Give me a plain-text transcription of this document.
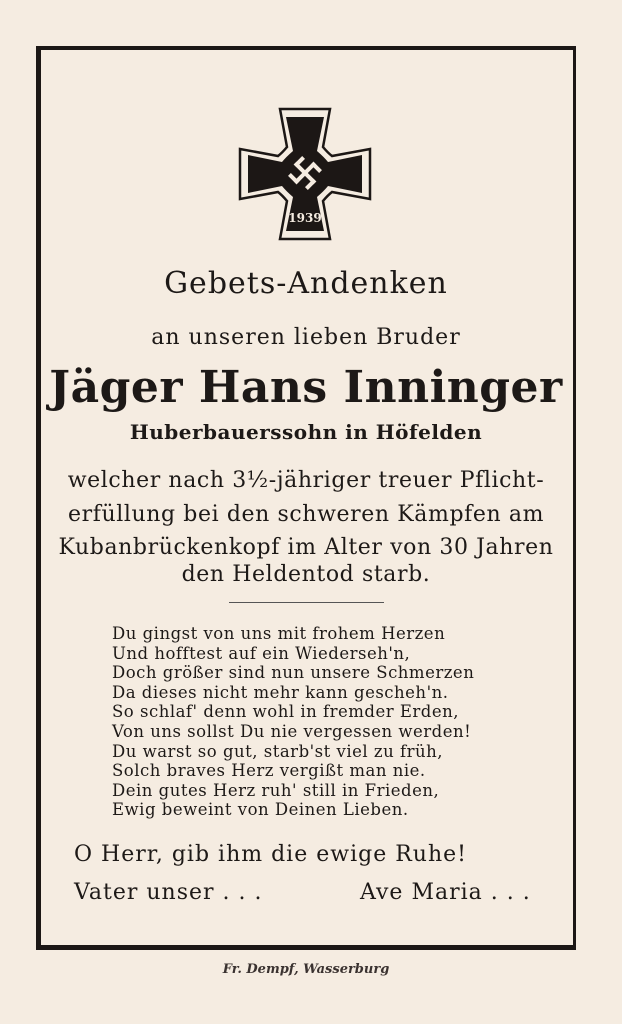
1939

Gebets-Andenken

an unseren lieben Bruder

Jäger Hans Inninger

Huberbauerssohn in Höfelden

welcher nach 3½-jähriger treuer Pflicht-

erfüllung bei den schweren Kämpfen am

Kubanbrückenkopf im Alter von 30 Jahren

den Heldentod starb.

Du gingst von uns mit frohem Herzen
Und hofftest auf ein Wiederseh'n,
Doch größer sind nun unsere Schmerzen
Da dieses nicht mehr kann gescheh'n.
So schlaf' denn wohl in fremder Erden,
Von uns sollst Du nie vergessen werden!
Du warst so gut, starb'st viel zu früh,
Solch braves Herz vergißt man nie.
Dein gutes Herz ruh' still in Frieden,
Ewig beweint von Deinen Lieben.

O Herr, gib ihm die ewige Ruhe!

Vater unser . . .	Ave Maria . . .

Fr. Dempf, Wasserburg
